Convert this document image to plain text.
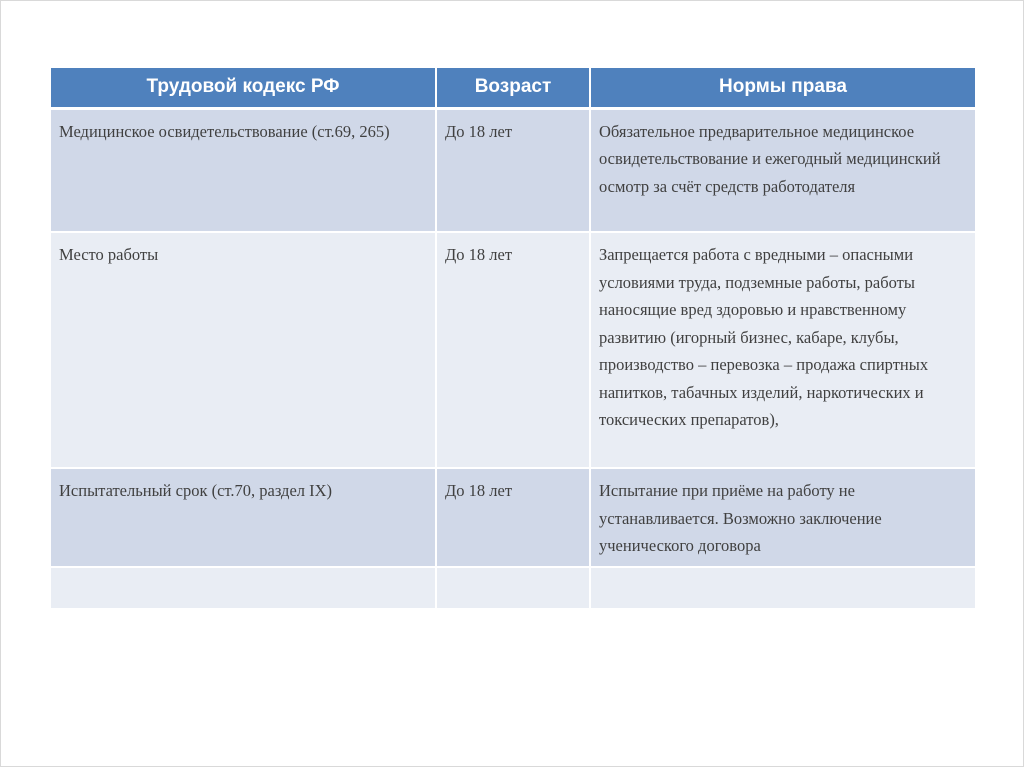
Трудовой кодекс РФ	Возраст	Нормы права
Медицинское освидетельствование (ст.69, 265)	До 18 лет	Обязательное предварительное медицинское освидетельствование и ежегодный медицинский осмотр за счёт средств работодателя
Место работы	До 18 лет	Запрещается работа с вредными – опасными условиями труда, подземные работы, работы наносящие вред здоровью и нравственному развитию (игорный бизнес, кабаре, клубы, производство – перевозка – продажа спиртных напитков, табачных изделий, наркотических и токсических препаратов),
Испытательный срок (ст.70, раздел IX)	До 18 лет	Испытание при приёме на работу не устанавливается. Возможно заключение ученического договора
